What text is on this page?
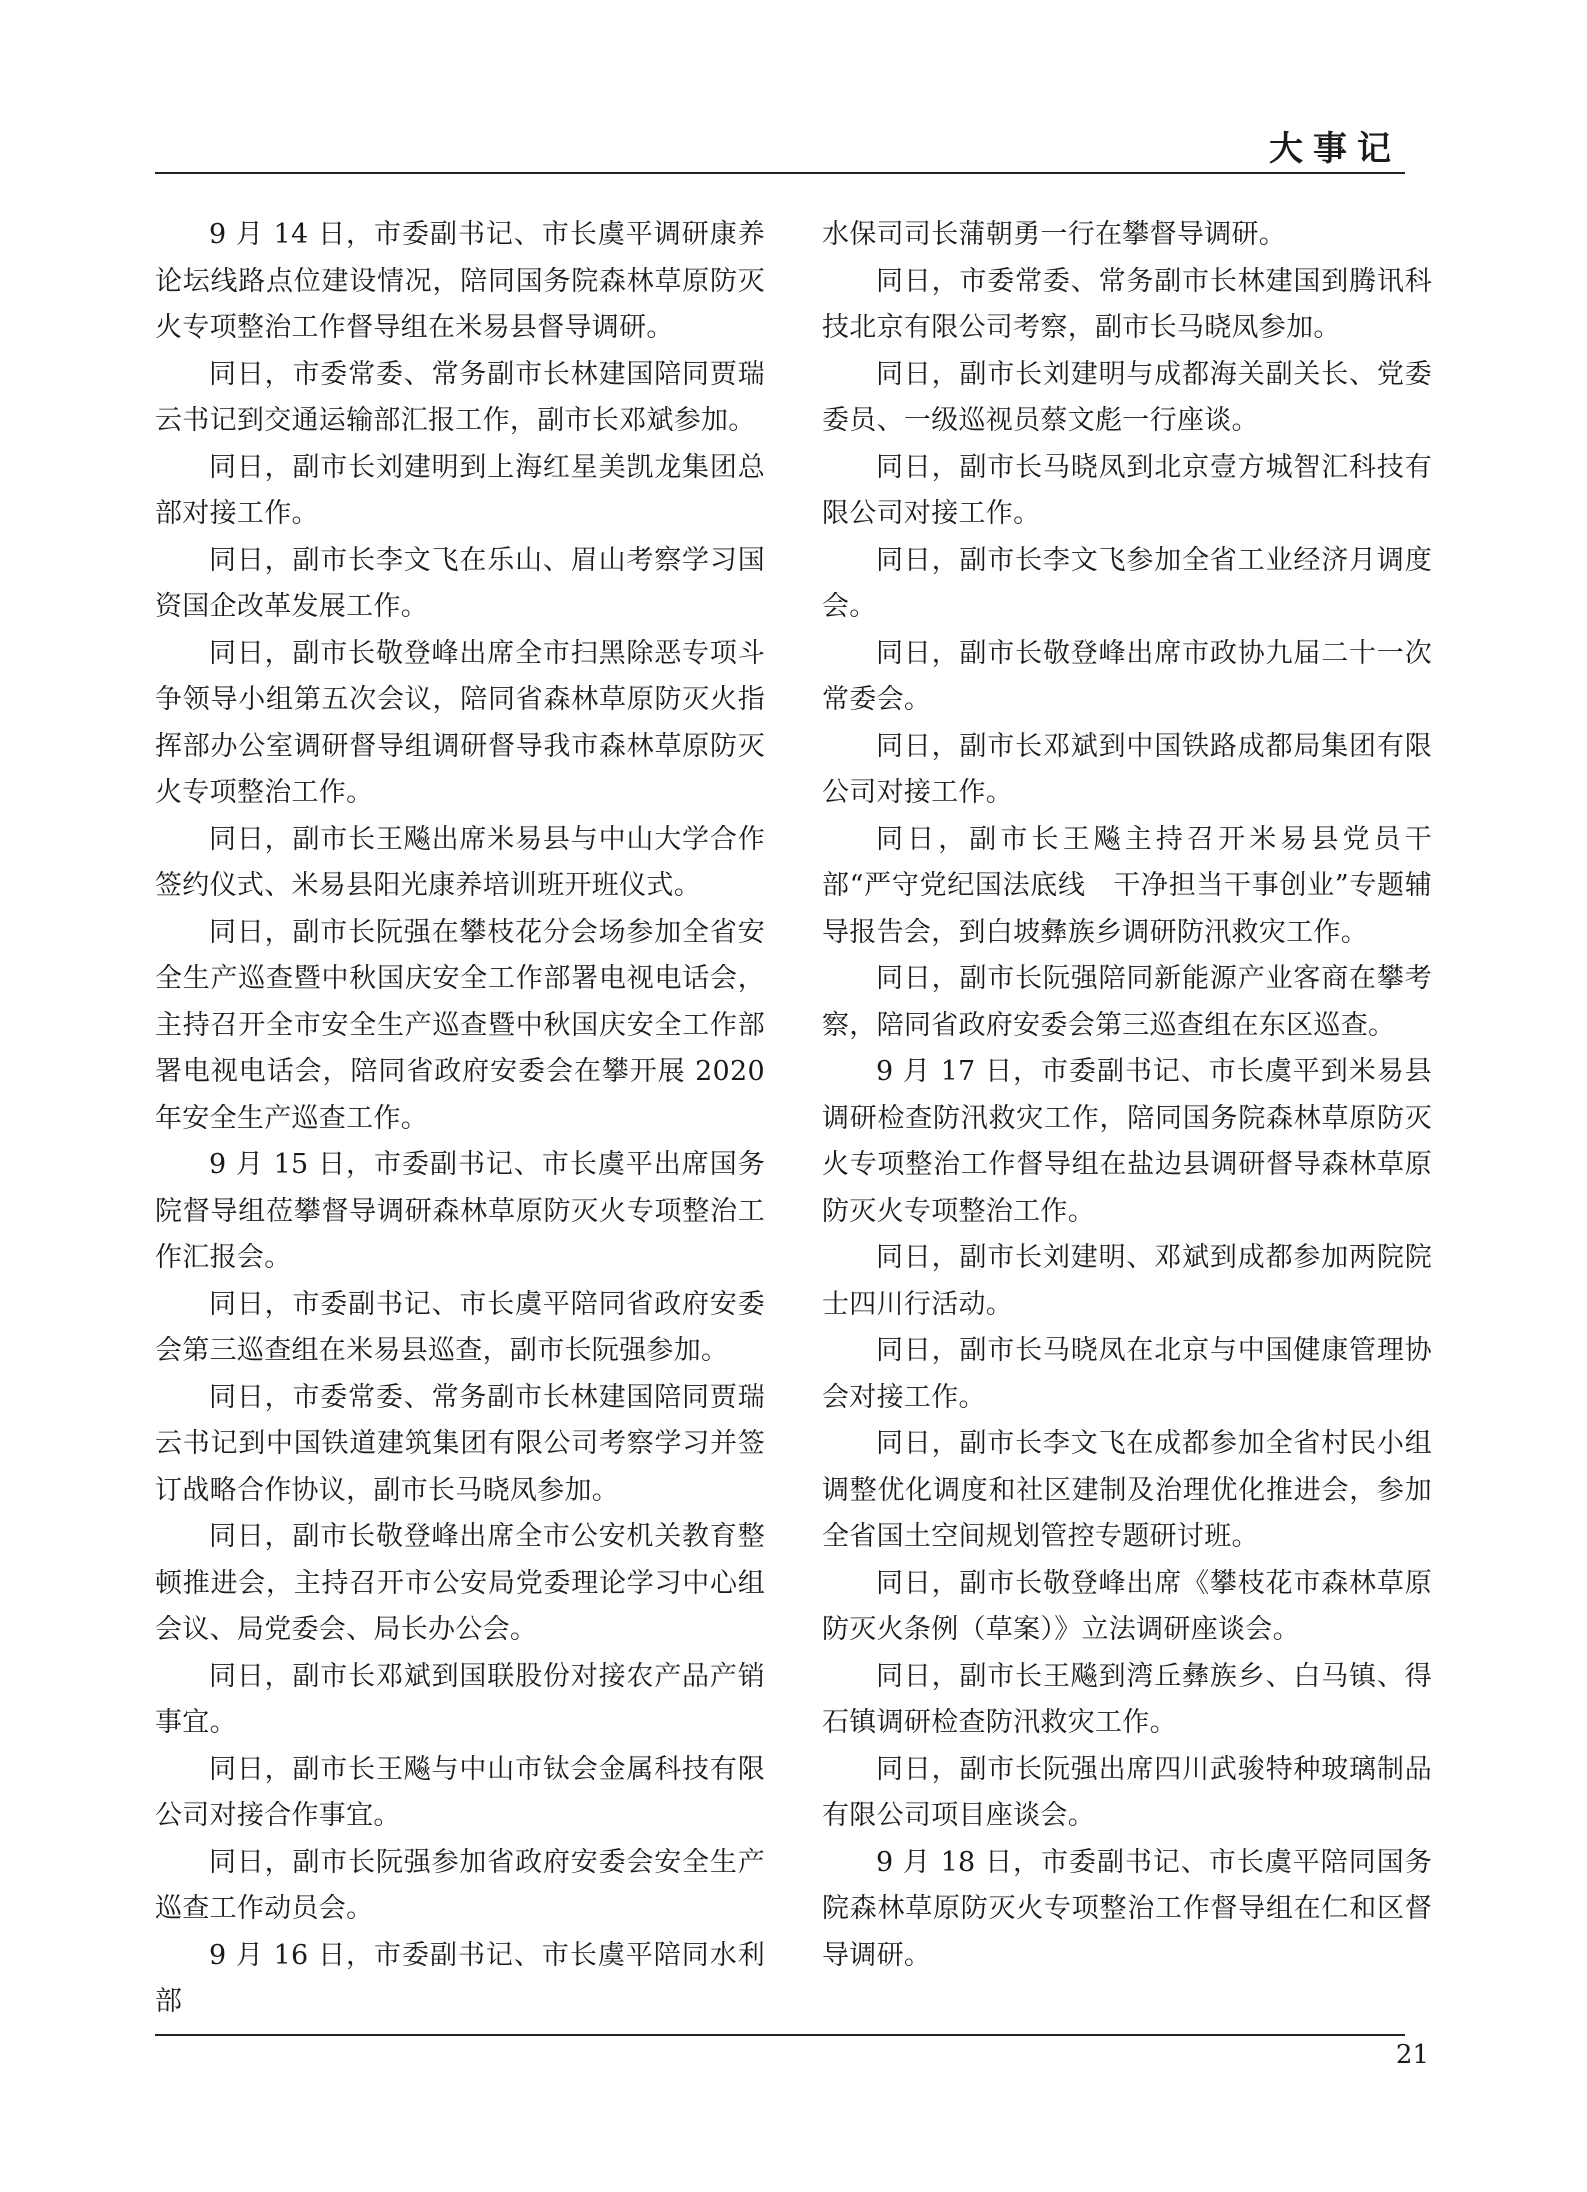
大事记

9 月 14 日，市委副书记、市长虞平调研康养论坛线路点位建设情况，陪同国务院森林草原防灭火专项整治工作督导组在米易县督导调研。

同日，市委常委、常务副市长林建国陪同贾瑞云书记到交通运输部汇报工作，副市长邓斌参加。

同日，副市长刘建明到上海红星美凯龙集团总部对接工作。

同日，副市长李文飞在乐山、眉山考察学习国资国企改革发展工作。

同日，副市长敬登峰出席全市扫黑除恶专项斗争领导小组第五次会议，陪同省森林草原防灭火指挥部办公室调研督导组调研督导我市森林草原防灭火专项整治工作。

同日，副市长王飚出席米易县与中山大学合作签约仪式、米易县阳光康养培训班开班仪式。

同日，副市长阮强在攀枝花分会场参加全省安全生产巡查暨中秋国庆安全工作部署电视电话会，主持召开全市安全生产巡查暨中秋国庆安全工作部署电视电话会，陪同省政府安委会在攀开展 2020 年安全生产巡查工作。

9 月 15 日，市委副书记、市长虞平出席国务院督导组莅攀督导调研森林草原防灭火专项整治工作汇报会。

同日，市委副书记、市长虞平陪同省政府安委会第三巡查组在米易县巡查，副市长阮强参加。

同日，市委常委、常务副市长林建国陪同贾瑞云书记到中国铁道建筑集团有限公司考察学习并签订战略合作协议，副市长马晓凤参加。

同日，副市长敬登峰出席全市公安机关教育整顿推进会，主持召开市公安局党委理论学习中心组会议、局党委会、局长办公会。

同日，副市长邓斌到国联股份对接农产品产销事宜。

同日，副市长王飚与中山市钛会金属科技有限公司对接合作事宜。

同日，副市长阮强参加省政府安委会安全生产巡查工作动员会。

9 月 16 日，市委副书记、市长虞平陪同水利部

水保司司长蒲朝勇一行在攀督导调研。

同日，市委常委、常务副市长林建国到腾讯科技北京有限公司考察，副市长马晓凤参加。

同日，副市长刘建明与成都海关副关长、党委委员、一级巡视员蔡文彪一行座谈。

同日，副市长马晓凤到北京壹方城智汇科技有限公司对接工作。

同日，副市长李文飞参加全省工业经济月调度会。

同日，副市长敬登峰出席市政协九届二十一次常委会。

同日，副市长邓斌到中国铁路成都局集团有限公司对接工作。

同日，副市长王飚主持召开米易县党员干部“严守党纪国法底线　干净担当干事创业”专题辅导报告会，到白坡彝族乡调研防汛救灾工作。

同日，副市长阮强陪同新能源产业客商在攀考察，陪同省政府安委会第三巡查组在东区巡查。

9 月 17 日，市委副书记、市长虞平到米易县调研检查防汛救灾工作，陪同国务院森林草原防灭火专项整治工作督导组在盐边县调研督导森林草原防灭火专项整治工作。

同日，副市长刘建明、邓斌到成都参加两院院士四川行活动。

同日，副市长马晓凤在北京与中国健康管理协会对接工作。

同日，副市长李文飞在成都参加全省村民小组调整优化调度和社区建制及治理优化推进会，参加全省国土空间规划管控专题研讨班。

同日，副市长敬登峰出席《攀枝花市森林草原防灭火条例（草案）》立法调研座谈会。

同日，副市长王飚到湾丘彝族乡、白马镇、得石镇调研检查防汛救灾工作。

同日，副市长阮强出席四川武骏特种玻璃制品有限公司项目座谈会。

9 月 18 日，市委副书记、市长虞平陪同国务院森林草原防灭火专项整治工作督导组在仁和区督导调研。

21
